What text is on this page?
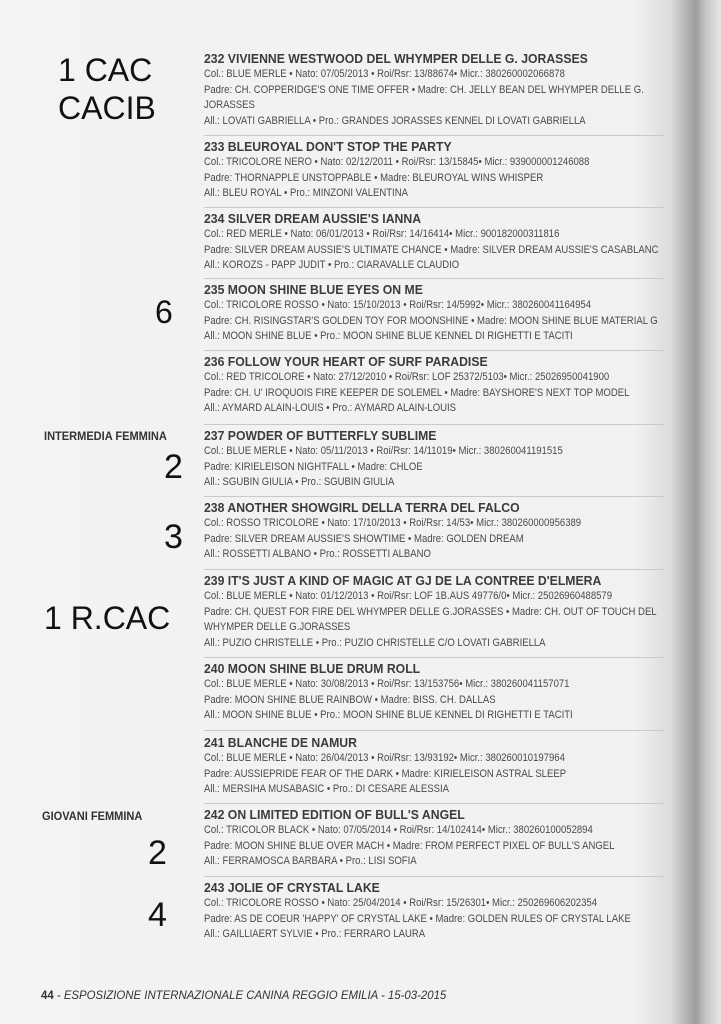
1 CAC
CACIB
6
2
3
1 R.CAC
2
4
INTERMEDIA FEMMINA
GIOVANI FEMMINA
232 VIVIENNE WESTWOOD DEL WHYMPER DELLE G. JORASSES
Col.: BLUE MERLE • Nato: 07/05/2013 • Roi/Rsr: 13/88674• Micr.: 380260002066878
Padre: CH. COPPERIDGE'S ONE TIME OFFER • Madre: CH. JELLY BEAN DEL WHYMPER DELLE G.
JORASSES
All.: LOVATI GABRIELLA • Pro.: GRANDES JORASSES KENNEL DI LOVATI GABRIELLA
233 BLEUROYAL DON'T STOP THE PARTY
Col.: TRICOLORE NERO • Nato: 02/12/2011 • Roi/Rsr: 13/15845• Micr.: 939000001246088
Padre: THORNAPPLE UNSTOPPABLE • Madre: BLEUROYAL WINS WHISPER
All.: BLEU ROYAL • Pro.: MINZONI VALENTINA
234 SILVER DREAM AUSSIE'S IANNA
Col.: RED MERLE • Nato: 06/01/2013 • Roi/Rsr: 14/16414• Micr.: 900182000311816
Padre: SILVER DREAM AUSSIE'S ULTIMATE CHANCE • Madre: SILVER DREAM AUSSIE'S CASABLANC
All.: KOROZS - PAPP JUDIT • Pro.: CIARAVALLE CLAUDIO
235 MOON SHINE BLUE EYES ON ME
Col.: TRICOLORE ROSSO • Nato: 15/10/2013 • Roi/Rsr: 14/5992• Micr.: 380260041164954
Padre: CH. RISINGSTAR'S GOLDEN TOY FOR MOONSHINE • Madre: MOON SHINE BLUE MATERIAL G
All.: MOON SHINE BLUE • Pro.: MOON SHINE BLUE KENNEL DI RIGHETTI E TACITI
236 FOLLOW YOUR HEART OF SURF PARADISE
Col.: RED TRICOLORE • Nato: 27/12/2010 • Roi/Rsr: LOF 25372/5103• Micr.: 25026950041900
Padre: CH. U' IROQUOIS FIRE KEEPER DE SOLEMEL • Madre: BAYSHORE'S NEXT TOP MODEL
All.: AYMARD ALAIN-LOUIS • Pro.: AYMARD ALAIN-LOUIS
237 POWDER OF BUTTERFLY SUBLIME
Col.: BLUE MERLE • Nato: 05/11/2013 • Roi/Rsr: 14/11019• Micr.: 380260041191515
Padre: KIRIELEISON NIGHTFALL • Madre: CHLOE
All.: SGUBIN GIULIA • Pro.: SGUBIN GIULIA
238 ANOTHER SHOWGIRL DELLA TERRA DEL FALCO
Col.: ROSSO TRICOLORE • Nato: 17/10/2013 • Roi/Rsr: 14/53• Micr.: 380260000956389
Padre: SILVER DREAM AUSSIE'S SHOWTIME • Madre: GOLDEN DREAM
All.: ROSSETTI ALBANO • Pro.: ROSSETTI ALBANO
239 IT'S JUST A KIND OF MAGIC AT GJ DE LA CONTREE D'ELMERA
Col.: BLUE MERLE • Nato: 01/12/2013 • Roi/Rsr: LOF 1B.AUS 49776/0• Micr.: 25026960488579
Padre: CH. QUEST FOR FIRE DEL WHYMPER DELLE G.JORASSES • Madre: CH. OUT OF TOUCH DEL
WHYMPER DELLE G.JORASSES
All.: PUZIO CHRISTELLE • Pro.: PUZIO CHRISTELLE C/O LOVATI GABRIELLA
240 MOON SHINE BLUE DRUM ROLL
Col.: BLUE MERLE • Nato: 30/08/2013 • Roi/Rsr: 13/153756• Micr.: 380260041157071
Padre: MOON SHINE BLUE RAINBOW • Madre: BISS. CH. DALLAS
All.: MOON SHINE BLUE • Pro.: MOON SHINE BLUE KENNEL DI RIGHETTI E TACITI
241 BLANCHE DE NAMUR
Col.: BLUE MERLE • Nato: 26/04/2013 • Roi/Rsr: 13/93192• Micr.: 380260010197964
Padre: AUSSIEPRIDE FEAR OF THE DARK • Madre: KIRIELEISON ASTRAL SLEEP
All.: MERSIHA MUSABASIC • Pro.: DI CESARE ALESSIA
242 ON LIMITED EDITION OF BULL'S ANGEL
Col.: TRICOLOR BLACK • Nato: 07/05/2014 • Roi/Rsr: 14/102414• Micr.: 380260100052894
Padre: MOON SHINE BLUE OVER MACH • Madre: FROM PERFECT PIXEL OF BULL'S ANGEL
All.: FERRAMOSCA BARBARA • Pro.: LISI SOFIA
243 JOLIE OF CRYSTAL LAKE
Col.: TRICOLORE ROSSO • Nato: 25/04/2014 • Roi/Rsr: 15/26301• Micr.: 250269606202354
Padre: AS DE COEUR 'HAPPY' OF CRYSTAL LAKE • Madre: GOLDEN RULES OF CRYSTAL LAKE
All.: GAILLIAERT SYLVIE • Pro.: FERRARO LAURA
44 - ESPOSIZIONE INTERNAZIONALE CANINA REGGIO EMILIA - 15-03-2015
